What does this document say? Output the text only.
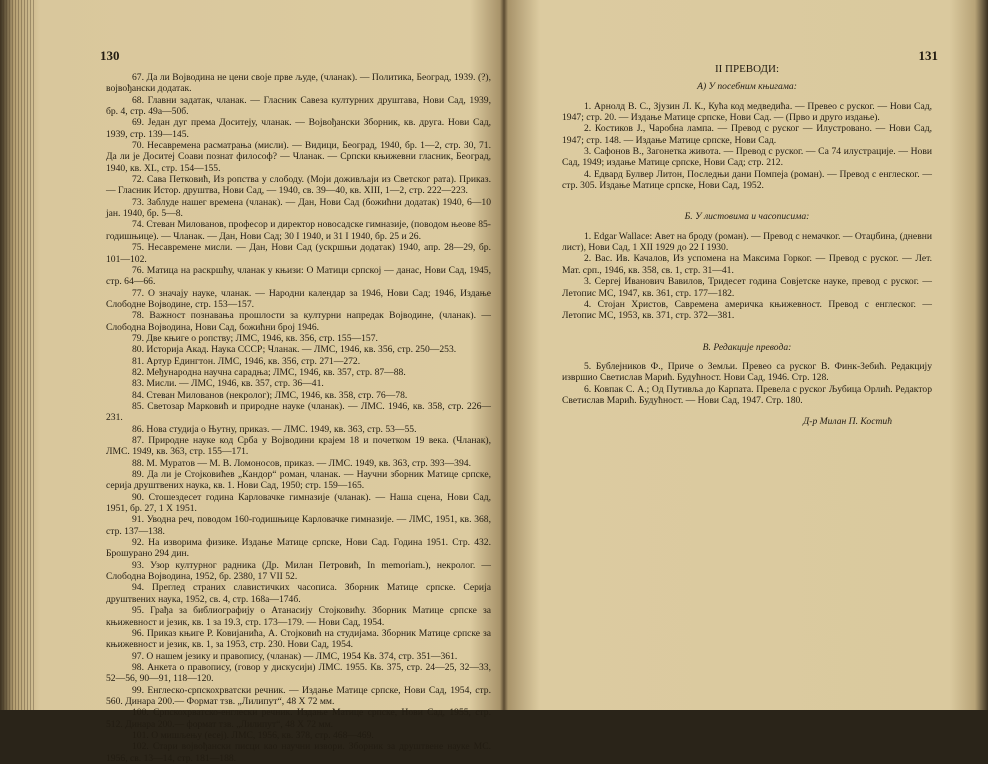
130
67. Да ли Војводина не цени своје прве људе, (чланак). — Политика, Београд, 1939. (?), војвођански додатак.
68. Главни задатак, чланак. — Гласник Савеза културних друштава, Нови Сад, 1939, бр. 4, стр. 49а—50б.
69. Један дуг према Доситеју, чланак. — Војвођански Зборник, кв. друга. Нови Сад, 1939, стр. 139—145.
70. Несавремена расматрања (мисли). — Видици, Београд, 1940, бр. 1—2, стр. 30, 71. Да ли је Доситеј Соави познат философ? — Чланак. — Српски књижевни гласник, Београд, 1940, кв. XL, стр. 154—155.
72. Сава Петковић, Из ропства у слободу. (Моји доживљаји из Светског рата). Приказ. — Гласник Истор. друштва, Нови Сад, — 1940, св. 39—40, кв. XIII, 1—2, стр. 222—223.
73. Заблуде нашег времена (чланак). — Дан, Нови Сад (божићни додатак) 1940, 6—10 јан. 1940, бр. 5—8.
74. Стеван Милованов, професор и директор новосадске гимназије, (поводом њеове 85-годишњице). — Чланак. — Дан, Нови Сад; 30 I 1940, и 31 I 1940, бр. 25 и 26.
75. Несавремене мисли. — Дан, Нови Сад (ускршњи додатак) 1940, апр. 28—29, бр. 101—102.
76. Матица на раскршћу, чланак у књизи: О Матици српској — данас, Нови Сад, 1945, стр. 64—66.
77. О значају науке, чланак. — Народни календар за 1946, Нови Сад; 1946, Издање Слободне Војводине, стр. 153—157.
78. Важност познавања прошлости за културни напредак Војводине, (чланак). — Слободна Војводина, Нови Сад, божићни број 1946.
79. Две књиге о ропству; ЛМС, 1946, кв. 356, стр. 155—157.
80. Историја Акад. Наука СССР; Чланак. — ЛМС, 1946, кв. 356, стр. 250—253.
81. Артур Едингтон. ЛМС, 1946, кв. 356, стр. 271—272.
82. Међународна научна сарадња; ЛМС, 1946, кв. 357, стр. 87—88.
83. Мисли. — ЛМС, 1946, кв. 357, стр. 36—41.
84. Стеван Милованов (некролог); ЛМС, 1946, кв. 358, стр. 76—78.
85. Светозар Марковић и природне науке (чланак). — ЛМС. 1946, кв. 358, стр. 226—231.
86. Нова студија о Њутну, приказ. — ЛМС. 1949, кв. 363, стр. 53—55.
87. Природне науке код Срба у Војводини крајем 18 и почетком 19 века. (Чланак), ЛМС. 1949, кв. 363, стр. 155—171.
88. М. Муратов — М. В. Ломоносов, приказ. — ЛМС. 1949, кв. 363, стр. 393—394.
89. Да ли је Стојковићев „Кандор“ роман, чланак. — Научни зборник Матице српске, серија друштвених наука, кв. 1. Нови Сад, 1950; стр. 159—165.
90. Стошездесет година Карловачке гимназије (чланак). — Наша сцена, Нови Сад, 1951, бр. 27, 1 X 1951.
91. Уводна реч, поводом 160-годишњице Карловачке гимназије. — ЛМС, 1951, кв. 368, стр. 137—138.
92. На изворима физике. Издање Матице српске, Нови Сад. Година 1951. Стр. 432. Брошурано 294 дин.
93. Узор културног радника (Др. Милан Петровић, In memoriam.), некролог. — Слободна Војводина, 1952, бр. 2380, 17 VII 52.
94. Преглед страних славистичких часописа. Зборник Матице српске. Серија друштвених наука, 1952, св. 4, стр. 168а—174б.
95. Грађа за библиографију о Атанасију Стојковићу. Зборник Матице српске за књижевност и језик, кв. 1 за 19.3, стр. 173—179. — Нови Сад, 1954.
96. Приказ књиге Р. Ковијанића, А. Стојковић на студијама. Зборник Матице српске за књижевност и језик, кв. 1, за 1953, стр. 230. Нови Сад, 1954.
97. О нашем језику и правопису, (чланак) — ЛМС, 1954 Кв. 374, стр. 351—361.
98. Анкета о правопису, (говор у дискусији) ЛМС. 1955. Кв. 375, стр. 24—25, 32—33, 52—56, 90—91, 118—120.
99. Енглеско-српскохрватски речник. — Издање Матице српске, Нови Сад, 1954, стр. 560. Динара 200.— Формат тзв. „Лилипут“, 48 X 72 мм.
100. Српскохрватско-енглески речник. Издање Матице српске, Нови Сад, 1955, стр. 512. Динара 200.— формат тзв. „Лилипут“, 48 X 72 мм.
101. О мишљењу (есеј). ЛМС, 1956, кв. 378, стр. 468—469.
102. Стари војвођански писци као научни извори. Зборник за друштвене науке МС. 1956, св. 13—14, стр. 181—188.
131
II ПРЕВОДИ:
А) У посебним књигама:
1. Арнолд В. С., Зјузин Л. К., Кућа код медведића. — Превео с руског. — Нови Сад, 1947; стр. 20. — Издање Матице српске, Нови Сад. — (Прво и друго издање).
2. Костиков Ј., Чаробна лампа. — Превод с руског — Илустровано. — Нови Сад, 1947; стр. 148. — Издање Матице српске, Нови Сад.
3. Сафонов В., Загонетка живота. — Превод с руског. — Са 74 илустрације. — Нови Сад, 1949; издање Матице српске, Нови Сад; стр. 212.
4. Едвард Булвер Литон, Последњи дани Помпеја (роман). — Превод с енглеског. — стр. 305. Издање Матице српске, Нови Сад, 1952.
Б. У листовима и часописима:
1. Edgar Wallace: Авет на броду (роман). — Превод с немачког. — Отаџбина, (дневни лист), Нови Сад, 1 XII 1929 до 22 I 1930.
2. Вас. Ив. Качалов, Из успомена на Максима Горког. — Превод с руског. — Лет. Мат. срп., 1946, кв. 358, св. 1, стр. 31—41.
3. Сергеј Иванович Вавилов, Тридесет година Совјетске науке, превод с руског. — Летопис МС, 1947, кв. 361, стр. 177—182.
4. Стојан Христов, Савремена америчка књижевност. Превод с енглеског. — Летопис МС, 1953, кв. 371, стр. 372—381.
В. Редакције превода:
5. Бублејников Ф., Приче о Земљи. Превео са руског В. Финк-Зебић. Редакцију извршио Светислав Марић. Будућност. Нови Сад, 1946. Стр. 128.
6. Ковпак С. А.; Од Путивља до Карпата. Превела с руског Љубица Орлић. Редактор Светислав Марић. Будућност. — Нови Сад, 1947. Стр. 180.
Д-р Милан П. Костић
